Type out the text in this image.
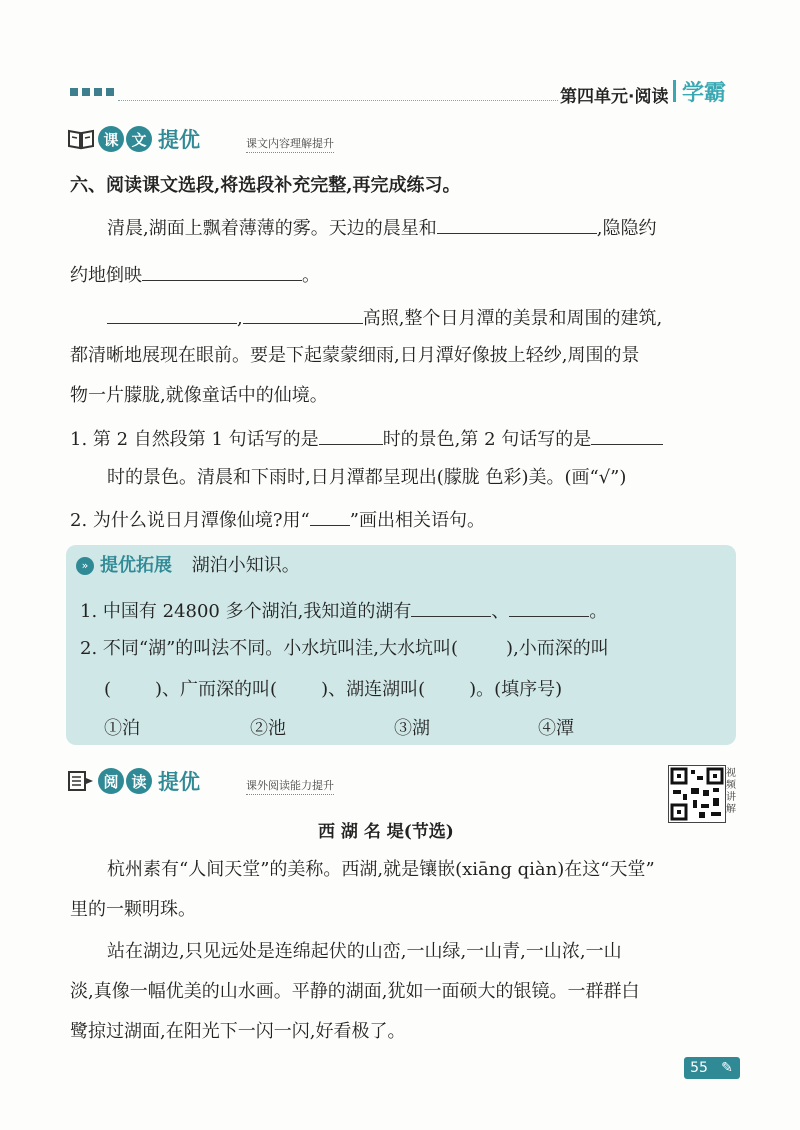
第四单元·阅读 学霸
课 文 提优	课文内容理解提升
六、阅读课文选段,将选段补充完整,再完成练习。
清晨,湖面上飘着薄薄的雾。天边的晨星和	,隐隐约
约地倒映	。
,	高照,整个日月潭的美景和周围的建筑,
都清晰地展现在眼前。要是下起蒙蒙细雨,日月潭好像披上轻纱,周围的景
物一片朦胧,就像童话中的仙境。
1. 第 2 自然段第 1 句话写的是	时的景色,第 2 句话写的是
时的景色。清晨和下雨时,日月潭都呈现出(朦胧 色彩)美。(画“√”)
2. 为什么说日月潭像仙境?用“ ”画出相关语句。
» 提优拓展 湖泊小知识。
1. 中国有 24800 多个湖泊,我知道的湖有	、	。
2. 不同“湖”的叫法不同。小水坑叫洼,大水坑叫(	),小而深的叫
( )、广而深的叫( )、湖连湖叫( )。(填序号)
①泊	②池	③湖	④潭
阅 读 提优	课外阅读能力提升
视频讲解
西 湖 名 堤(节选)
杭州素有“人间天堂”的美称。西湖,就是镶嵌(xiāng qiàn)在这“天堂”
里的一颗明珠。
站在湖边,只见远处是连绵起伏的山峦,一山绿,一山青,一山浓,一山
淡,真像一幅优美的山水画。平静的湖面,犹如一面硕大的银镜。一群群白
鹭掠过湖面,在阳光下一闪一闪,好看极了。
55 ✎
